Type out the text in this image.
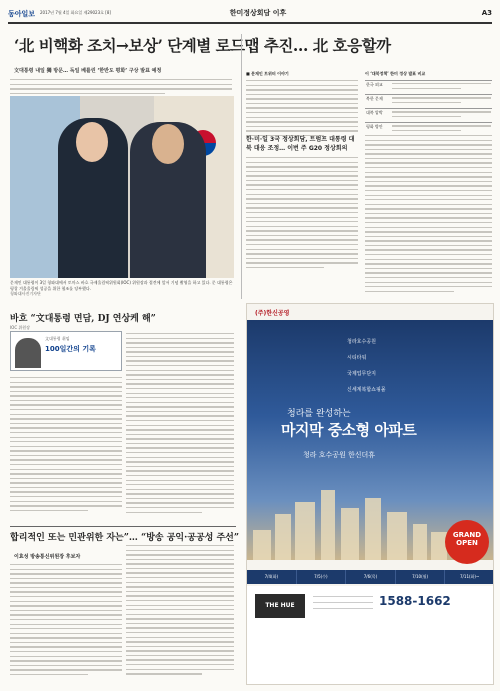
동아일보 2017년 7월 4일 화요일 제29023호 [8]	한미정상회담 이후	A3
‘北 비핵화 조치→보상’ 단계별 로드맵 추진… 北 호응할까
文대통령 내일 獨 방문… 독일 베를린 ‘한반도 평화’ 구상 발표 예정
문재인 대통령이 3일 청와대에서 토마스 바흐 국제올림픽위원회(IOC) 위원장과 접견에 앞서 기념 촬영을 하고 있다. 문 대통령은 평창 겨울올림픽 성공을 위한 협조를 당부했다.
청와대사진기자단
바흐 “文대통령 면담, DJ 연상케 해”
IOC 위원장
文대통령 취임
100일간의 기록
합리적인 또는 민관위한 자는”… “방송 공익·공공성 주선”
이효성 방송통신위원장 후보자
■ 문재인 트위터 이야기	이 ‘대북정책’ 한미 정상 발표 비교
한국 외교
북한 문제
대북 압박
평화 방안
한·미·일 3국 정상회담, 트럼프 대통령 대북 대응 조정… 이번 주 G20 정상회의
(주)한신공영
청라호수공원
시티타워
국제업무단지
신세계복합쇼핑몰
청라를 완성하는
마지막 중소형 아파트
청라 호수공원 한신더휴
GRAND OPEN
7/4(화)	7/5(수)	7/6(목)	7/10(월)	7/11(화)~
THE HUE	1588-1662
